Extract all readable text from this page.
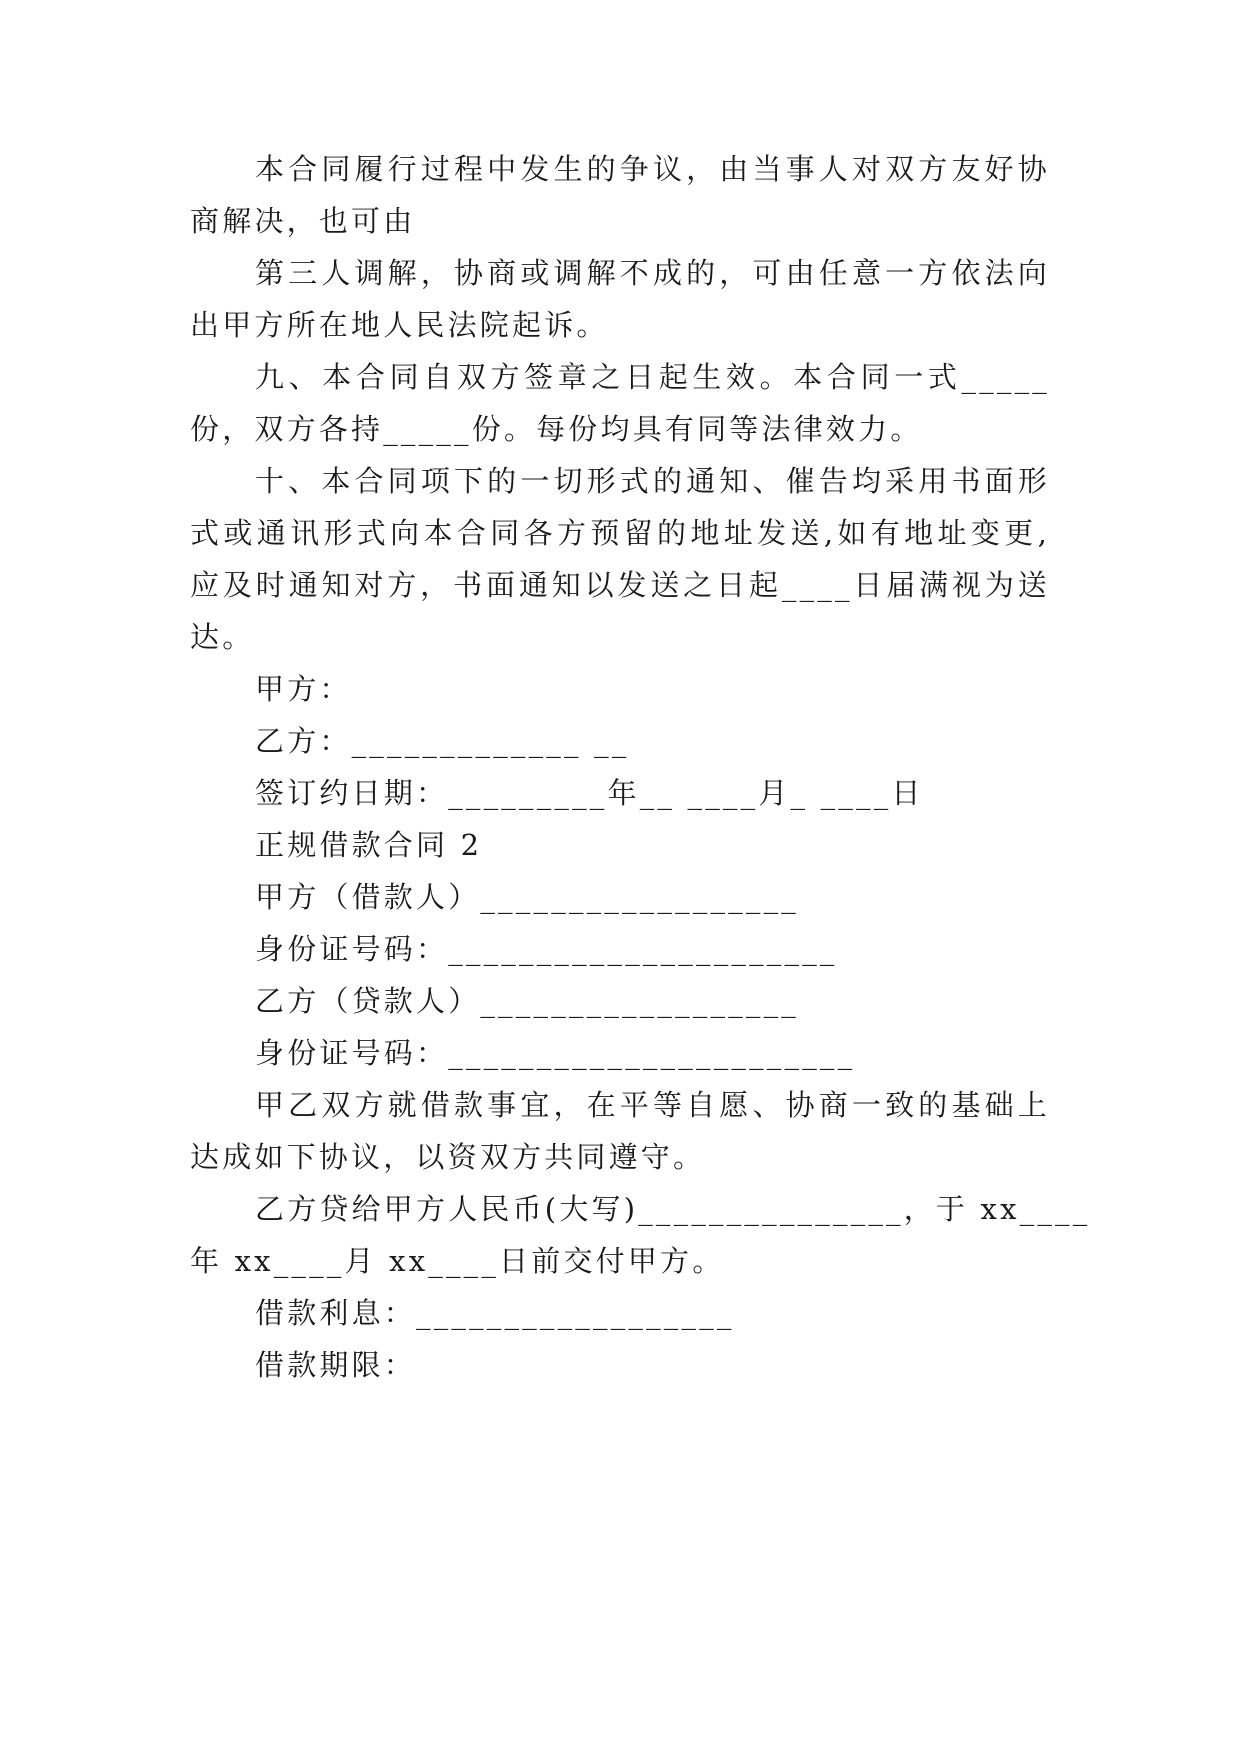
本合同履行过程中发生的争议，由当事人对双方友好协
商解决，也可由
第三人调解，协商或调解不成的，可由任意一方依法向
出甲方所在地人民法院起诉。
九、本合同自双方签章之日起生效。本合同一式_____
份，双方各持_____份。每份均具有同等法律效力。
十、本合同项下的一切形式的通知、催告均采用书面形
式或通讯形式向本合同各方预留的地址发送,如有地址变更,
应及时通知对方，书面通知以发送之日起____日届满视为送
达。
甲方：
乙方：_____________ __
签订约日期：_________年__ ____月_ ____日
正规借款合同 2
甲方（借款人）__________________
身份证号码：______________________
乙方（贷款人）__________________
身份证号码：_______________________
甲乙双方就借款事宜，在平等自愿、协商一致的基础上
达成如下协议，以资双方共同遵守。
乙方贷给甲方人民币(大写)_______________，于 xx____
年 xx____月 xx____日前交付甲方。
借款利息：__________________
借款期限：
